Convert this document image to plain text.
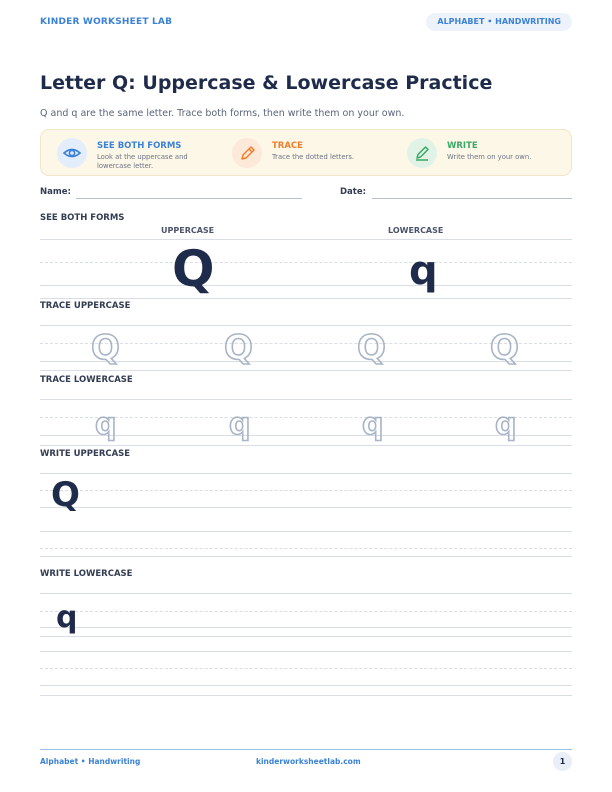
KINDER WORKSHEET LAB	ALPHABET • HANDWRITING
Letter Q: Uppercase & Lowercase Practice
Q and q are the same letter. Trace both forms, then write them on your own.
SEE BOTH FORMS
Look at the uppercase and lowercase letter.
TRACE
Trace the dotted letters.
WRITE
Write them on your own.
Name:	Date:
SEE BOTH FORMS
UPPERCASE	LOWERCASE
Q	q
TRACE UPPERCASE
Q	Q	Q	Q
TRACE LOWERCASE
q	q	q	q
WRITE UPPERCASE
Q
WRITE LOWERCASE
q
Alphabet • Handwriting	kinderworksheetlab.com	1
